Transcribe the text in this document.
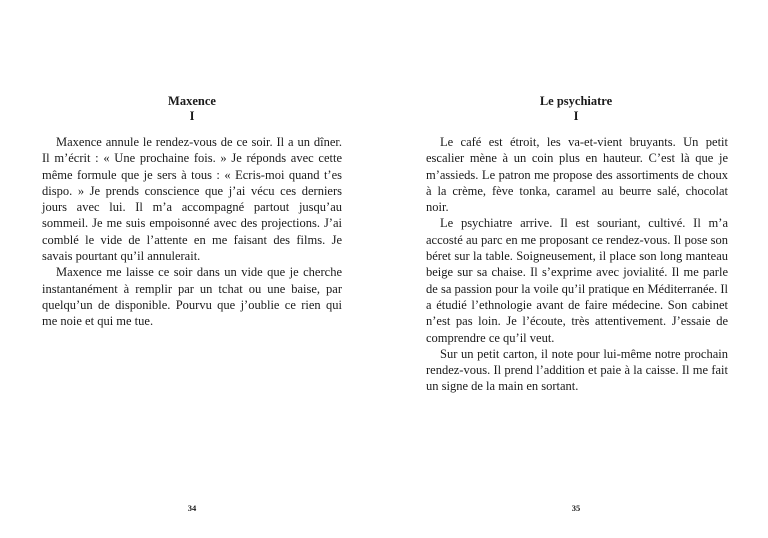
Maxence
I

Maxence annule le rendez-vous de ce soir. Il a un dîner. Il m’écrit : « Une prochaine fois. » Je réponds avec cette même formule que je sers à tous : « Ecris-moi quand t’es dispo. » Je prends conscience que j’ai vécu ces derniers jours avec lui. Il m’a accompagné partout jusqu’au sommeil. Je me suis empoisonné avec des projections. J’ai comblé le vide de l’attente en me faisant des films. Je savais pourtant qu’il annulerait.

Maxence me laisse ce soir dans un vide que je cherche instantanément à remplir par un tchat ou une baise, par quelqu’un de disponible. Pourvu que j’oublie ce rien qui me noie et qui me tue.

34
Le psychiatre
I

Le café est étroit, les va-et-vient bruyants. Un petit escalier mène à un coin plus en hauteur. C’est là que je m’assieds. Le patron me propose des assortiments de choux à la crème, fève tonka, caramel au beurre salé, chocolat noir.

Le psychiatre arrive. Il est souriant, cultivé. Il m’a accosté au parc en me proposant ce rendez-vous. Il pose son béret sur la table. Soigneusement, il place son long manteau beige sur sa chaise. Il s’exprime avec jovialité. Il me parle de sa passion pour la voile qu’il pratique en Méditerranée. Il a étudié l’ethnologie avant de faire médecine. Son cabinet n’est pas loin. Je l’écoute, très attentivement. J’essaie de comprendre ce qu’il veut.

Sur un petit carton, il note pour lui-même notre prochain rendez-vous. Il prend l’addition et paie à la caisse. Il me fait un signe de la main en sortant.

35
